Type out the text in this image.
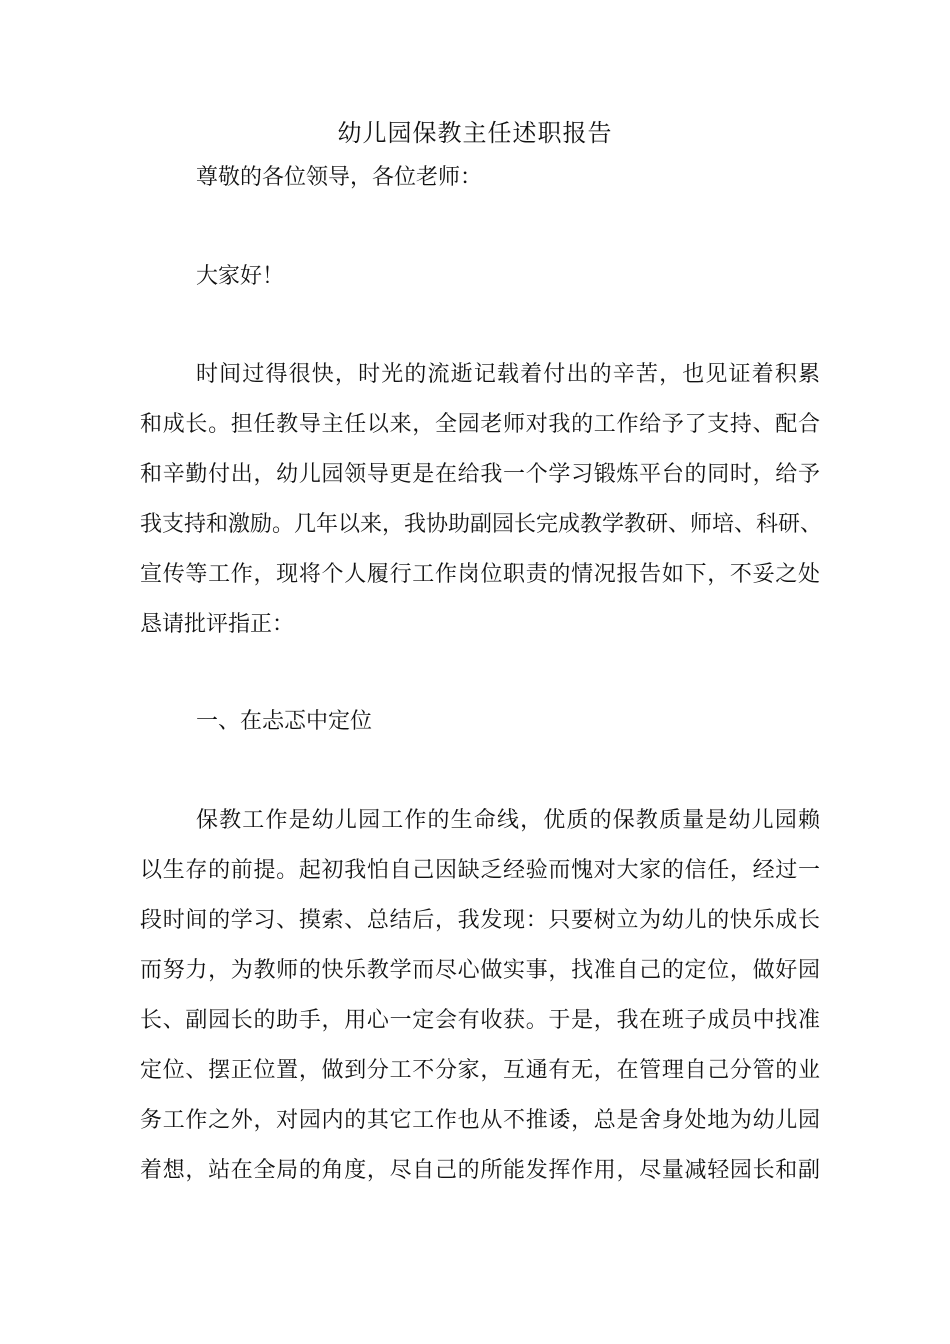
幼儿园保教主任述职报告

尊敬的各位领导，各位老师：

大家好！

时间过得很快，时光的流逝记载着付出的辛苦，也见证着积累

和成长。担任教导主任以来，全园老师对我的工作给予了支持、配合

和辛勤付出，幼儿园领导更是在给我一个学习锻炼平台的同时，给予

我支持和激励。几年以来，我协助副园长完成教学教研、师培、科研、

宣传等工作，现将个人履行工作岗位职责的情况报告如下，不妥之处

恳请批评指正：

一、在忐忑中定位

保教工作是幼儿园工作的生命线，优质的保教质量是幼儿园赖

以生存的前提。起初我怕自己因缺乏经验而愧对大家的信任，经过一

段时间的学习、摸索、总结后，我发现：只要树立为幼儿的快乐成长

而努力，为教师的快乐教学而尽心做实事，找准自己的定位，做好园

长、副园长的助手，用心一定会有收获。于是，我在班子成员中找准

定位、摆正位置，做到分工不分家，互通有无，在管理自己分管的业

务工作之外，对园内的其它工作也从不推诿，总是舍身处地为幼儿园

着想，站在全局的角度，尽自己的所能发挥作用，尽量减轻园长和副
